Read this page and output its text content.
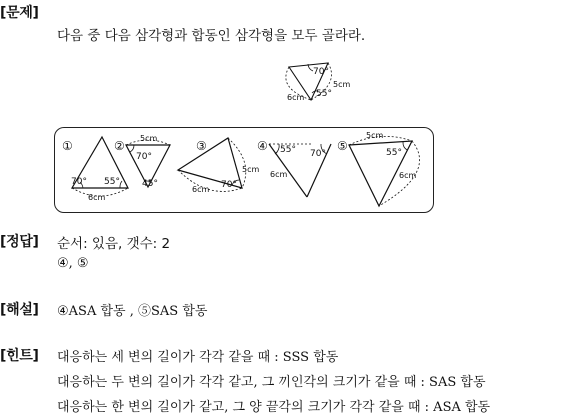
[문제]
다음 중 다음 삼각형과 합동인 삼각형을 모두 골라라.
70°
55°
6cm
5cm
①
70° 55°
6cm
②
5cm
70°
45°
③
5cm
6cm 70°
④ 55° 70°
6cm
⑤
5cm
55°
6cm
[정답] 순서: 있음, 갯수: 2
④, ⑤
[해설] ④ASA 합동 , ⑤SAS 합동
[힌트] 대응하는 세 변의 길이가 각각 같을 때 : SSS 합동
대응하는 두 변의 길이가 각각 같고, 그 끼인각의 크기가 같을 때 : SAS 합동
대응하는 한 변의 길이가 같고, 그 양 끝각의 크기가 각각 같을 때 : ASA 합동
